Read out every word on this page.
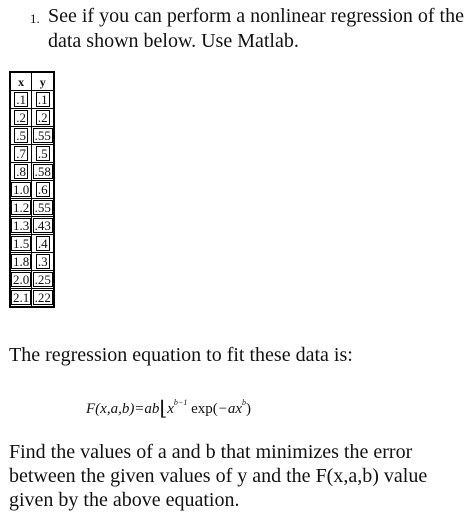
1. See if you can perform a nonlinear regression of the data shown below. Use Matlab.
x	y
.1	.1
.2	.2
.5	.55
.7	.5
.8	.58
1.0	.6
1.2	.55
1.3	.43
1.5	.4
1.8	.3
2.0	.25
2.1	.22
The regression equation to fit these data is:
$F(x,a,b)=ab⌊x^{b-1}$ $\exp(-ax^b)$
Find the values of a and b that minimizes the error between the given values of y and the F(x,a,b) value given by the above equation.
